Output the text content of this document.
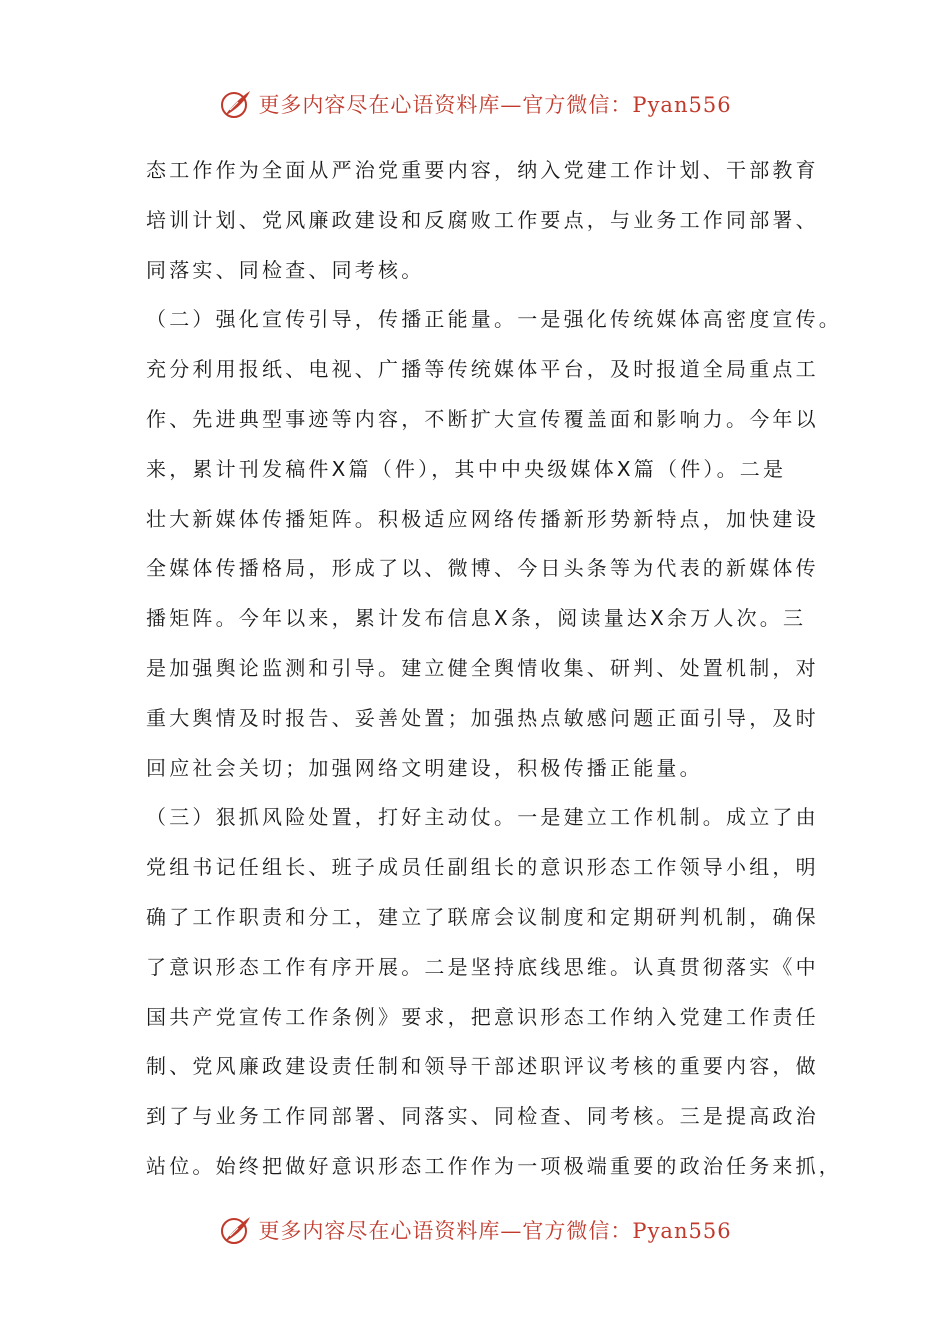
更多内容尽在心语资料库—官方微信：Pyan556
态工作作为全面从严治党重要内容，纳入党建工作计划、干部教育
培训计划、党风廉政建设和反腐败工作要点，与业务工作同部署、
同落实、同检查、同考核。
（二）强化宣传引导，传播正能量。一是强化传统媒体高密度宣传。
充分利用报纸、电视、广播等传统媒体平台，及时报道全局重点工
作、先进典型事迹等内容，不断扩大宣传覆盖面和影响力。今年以
来，累计刊发稿件X篇（件），其中中央级媒体X篇（件）。二是
壮大新媒体传播矩阵。积极适应网络传播新形势新特点，加快建设
全媒体传播格局，形成了以、微博、今日头条等为代表的新媒体传
播矩阵。今年以来，累计发布信息X条，阅读量达X余万人次。三
是加强舆论监测和引导。建立健全舆情收集、研判、处置机制，对
重大舆情及时报告、妥善处置；加强热点敏感问题正面引导，及时
回应社会关切；加强网络文明建设，积极传播正能量。
（三）狠抓风险处置，打好主动仗。一是建立工作机制。成立了由
党组书记任组长、班子成员任副组长的意识形态工作领导小组，明
确了工作职责和分工，建立了联席会议制度和定期研判机制，确保
了意识形态工作有序开展。二是坚持底线思维。认真贯彻落实《中
国共产党宣传工作条例》要求，把意识形态工作纳入党建工作责任
制、党风廉政建设责任制和领导干部述职评议考核的重要内容，做
到了与业务工作同部署、同落实、同检查、同考核。三是提高政治
站位。始终把做好意识形态工作作为一项极端重要的政治任务来抓，
更多内容尽在心语资料库—官方微信：Pyan556
